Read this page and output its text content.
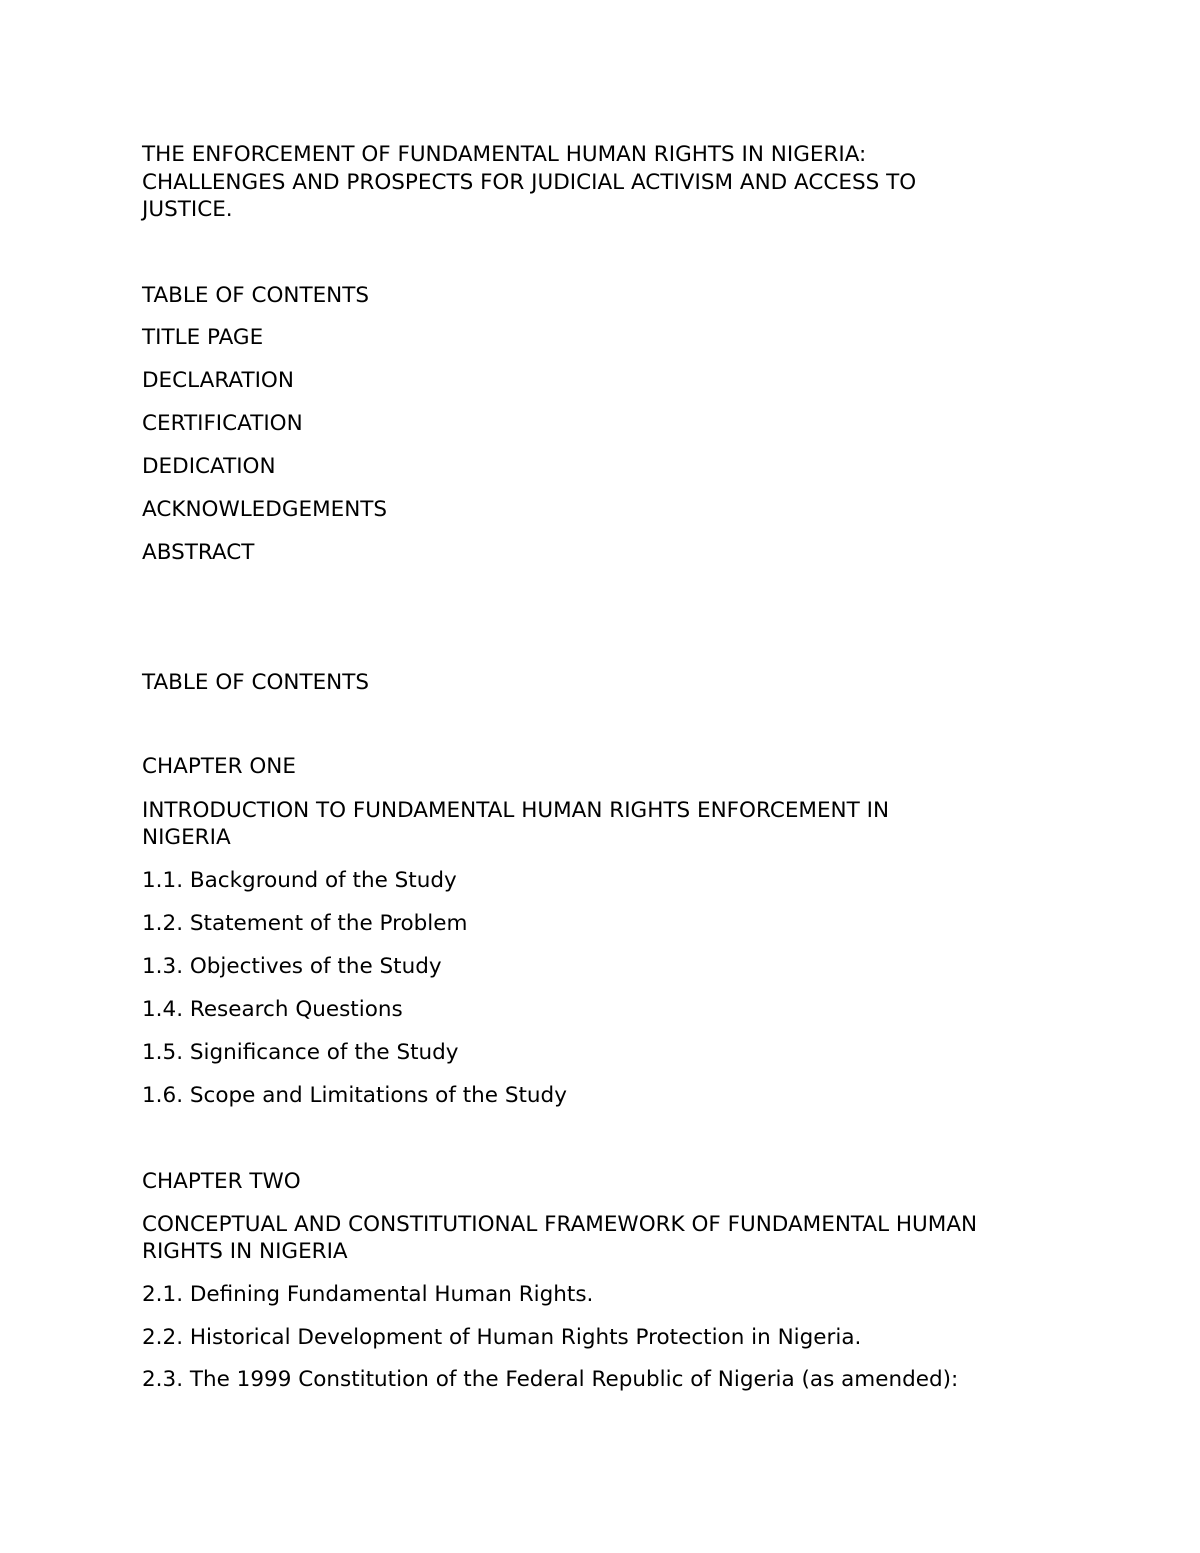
THE ENFORCEMENT OF FUNDAMENTAL HUMAN RIGHTS IN NIGERIA:

CHALLENGES AND PROSPECTS FOR JUDICIAL ACTIVISM AND ACCESS TO

JUSTICE.

TABLE OF CONTENTS

TITLE PAGE

DECLARATION

CERTIFICATION

DEDICATION

ACKNOWLEDGEMENTS

ABSTRACT

TABLE OF CONTENTS

CHAPTER ONE

INTRODUCTION TO FUNDAMENTAL HUMAN RIGHTS ENFORCEMENT IN

NIGERIA

1.1. Background of the Study

1.2. Statement of the Problem

1.3. Objectives of the Study

1.4. Research Questions

1.5. Significance of the Study

1.6. Scope and Limitations of the Study

CHAPTER TWO

CONCEPTUAL AND CONSTITUTIONAL FRAMEWORK OF FUNDAMENTAL HUMAN

RIGHTS IN NIGERIA

2.1. Defining Fundamental Human Rights.

2.2. Historical Development of Human Rights Protection in Nigeria.

2.3. The 1999 Constitution of the Federal Republic of Nigeria (as amended):
